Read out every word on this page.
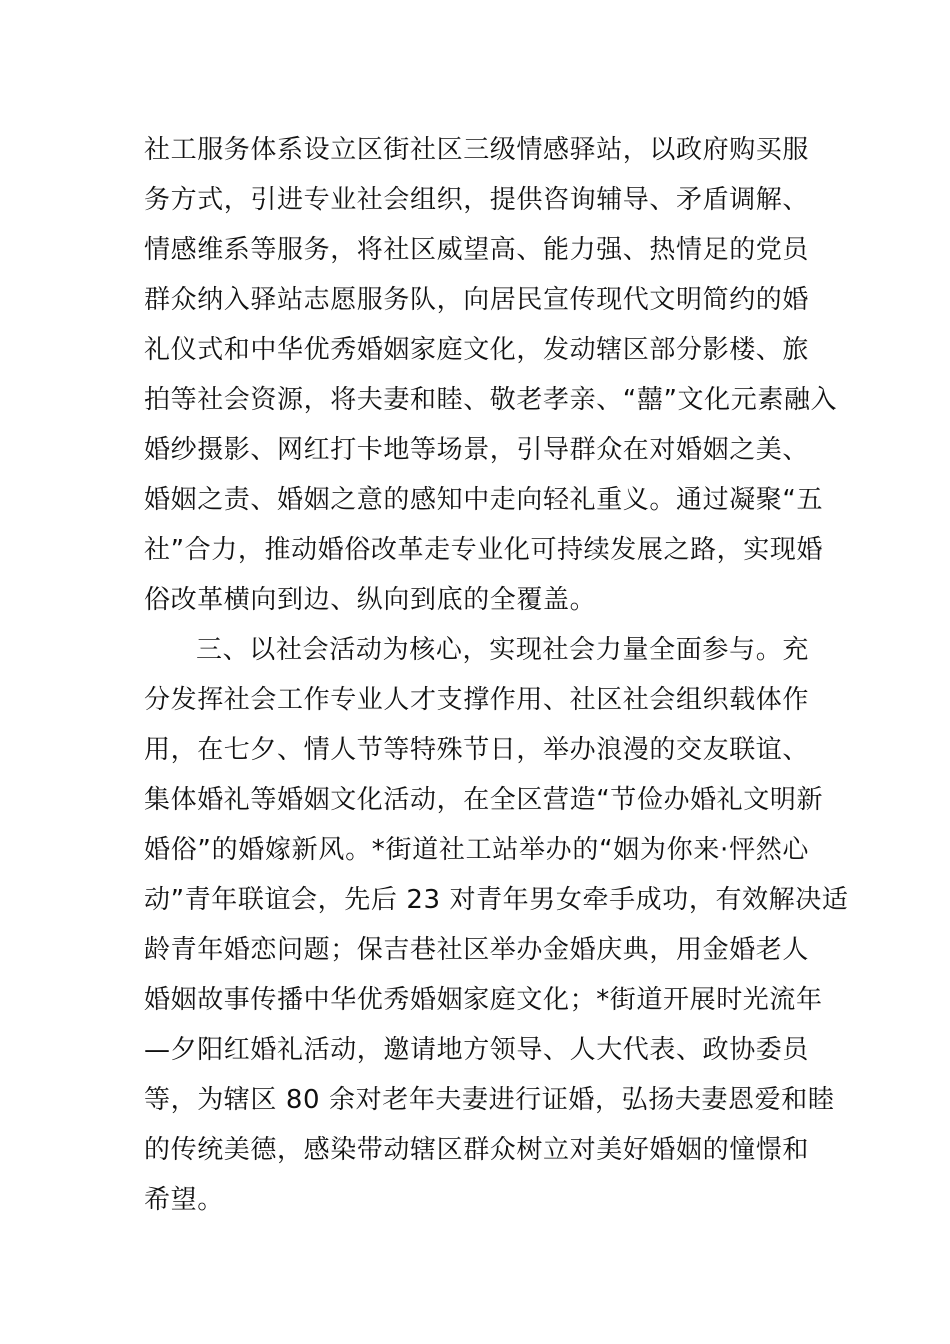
社工服务体系设立区街社区三级情感驿站，以政府购买服
务方式，引进专业社会组织，提供咨询辅导、矛盾调解、
情感维系等服务，将社区威望高、能力强、热情足的党员
群众纳入驿站志愿服务队，向居民宣传现代文明简约的婚
礼仪式和中华优秀婚姻家庭文化，发动辖区部分影楼、旅
拍等社会资源，将夫妻和睦、敬老孝亲、“囍”文化元素融入
婚纱摄影、网红打卡地等场景，引导群众在对婚姻之美、
婚姻之责、婚姻之意的感知中走向轻礼重义。通过凝聚“五
社”合力，推动婚俗改革走专业化可持续发展之路，实现婚
俗改革横向到边、纵向到底的全覆盖。
三、以社会活动为核心，实现社会力量全面参与。充
分发挥社会工作专业人才支撑作用、社区社会组织载体作
用，在七夕、情人节等特殊节日，举办浪漫的交友联谊、
集体婚礼等婚姻文化活动，在全区营造“节俭办婚礼文明新
婚俗”的婚嫁新风。*街道社工站举办的“姻为你来·怦然心
动”青年联谊会，先后 23 对青年男女牵手成功，有效解决适
龄青年婚恋问题；保吉巷社区举办金婚庆典，用金婚老人
婚姻故事传播中华优秀婚姻家庭文化；*街道开展时光流年
—夕阳红婚礼活动，邀请地方领导、人大代表、政协委员
等，为辖区 80 余对老年夫妻进行证婚，弘扬夫妻恩爱和睦
的传统美德，感染带动辖区群众树立对美好婚姻的憧憬和
希望。
